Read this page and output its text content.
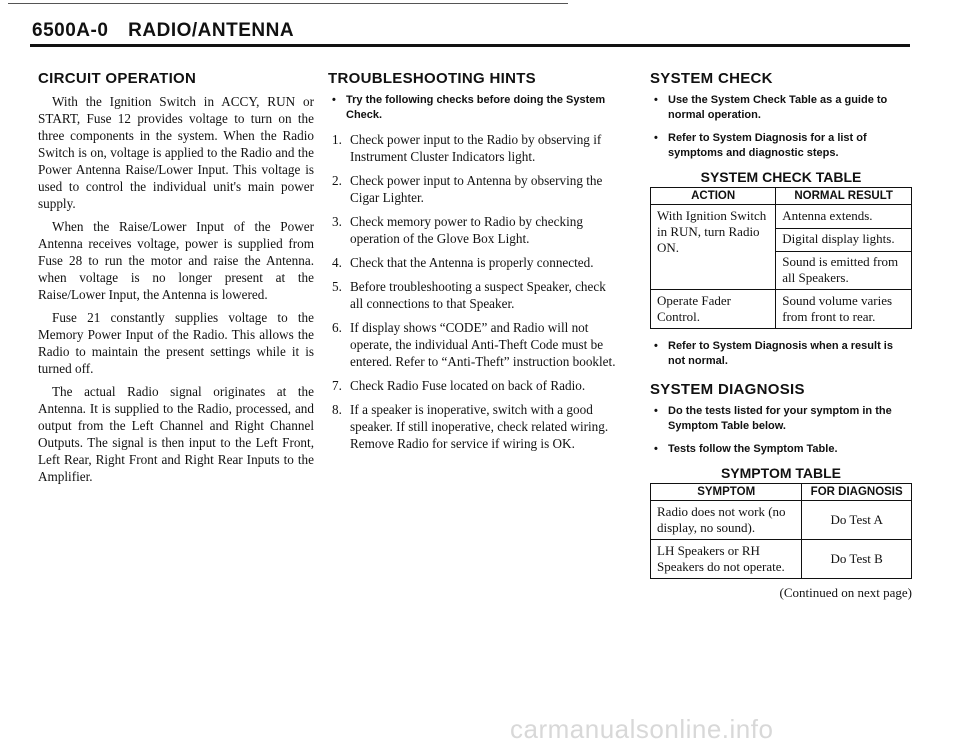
6500A-0 RADIO/ANTENNA
CIRCUIT OPERATION

With the Ignition Switch in ACCY, RUN or START, Fuse 12 provides voltage to turn on the three components in the system. When the Radio Switch is on, voltage is applied to the Radio and the Power Antenna Raise/Lower Input. This voltage is used to control the individual unit's main power supply.

When the Raise/Lower Input of the Power Antenna receives voltage, power is supplied from Fuse 28 to run the motor and raise the Antenna. when voltage is no longer present at the Raise/Lower Input, the Antenna is lowered.

Fuse 21 constantly supplies voltage to the Memory Power Input of the Radio. This allows the Radio to maintain the present settings while it is turned off.

The actual Radio signal originates at the Antenna. It is supplied to the Radio, processed, and output from the Left Channel and Right Channel Outputs. The signal is then input to the Left Front, Left Rear, Right Front and Right Rear Inputs to the Amplifier.

TROUBLESHOOTING HINTS
• Try the following checks before doing the System Check.
1. Check power input to the Radio by observing if Instrument Cluster Indicators light.
2. Check power input to Antenna by observing the Cigar Lighter.
3. Check memory power to Radio by checking operation of the Glove Box Light.
4. Check that the Antenna is properly connected.
5. Before troubleshooting a suspect Speaker, check all connections to that Speaker.
6. If display shows “CODE” and Radio will not operate, the individual Anti-Theft Code must be entered. Refer to “Anti-Theft” instruction booklet.
7. Check Radio Fuse located on back of Radio.
8. If a speaker is inoperative, switch with a good speaker. If still inoperative, check related wiring. Remove Radio for service if wiring is OK.
SYSTEM CHECK
• Use the System Check Table as a guide to normal operation.
• Refer to System Diagnosis for a list of symptoms and diagnostic steps.
SYSTEM CHECK TABLE
ACTION	NORMAL RESULT
With Ignition Switch in RUN, turn Radio ON.	Antenna extends.
Digital display lights.
Sound is emitted from all Speakers.

Operate Fader Control.	Sound volume varies from front to rear.
• Refer to System Diagnosis when a result is not normal.
SYSTEM DIAGNOSIS
• Do the tests listed for your symptom in the Symptom Table below.
• Tests follow the Symptom Table.
SYMPTOM TABLE
SYMPTOM	FOR DIAGNOSIS
Radio does not work (no display, no sound).	Do Test A
LH Speakers or RH Speakers do not operate.	Do Test B
(Continued on next page)
carmanualsonline.info
